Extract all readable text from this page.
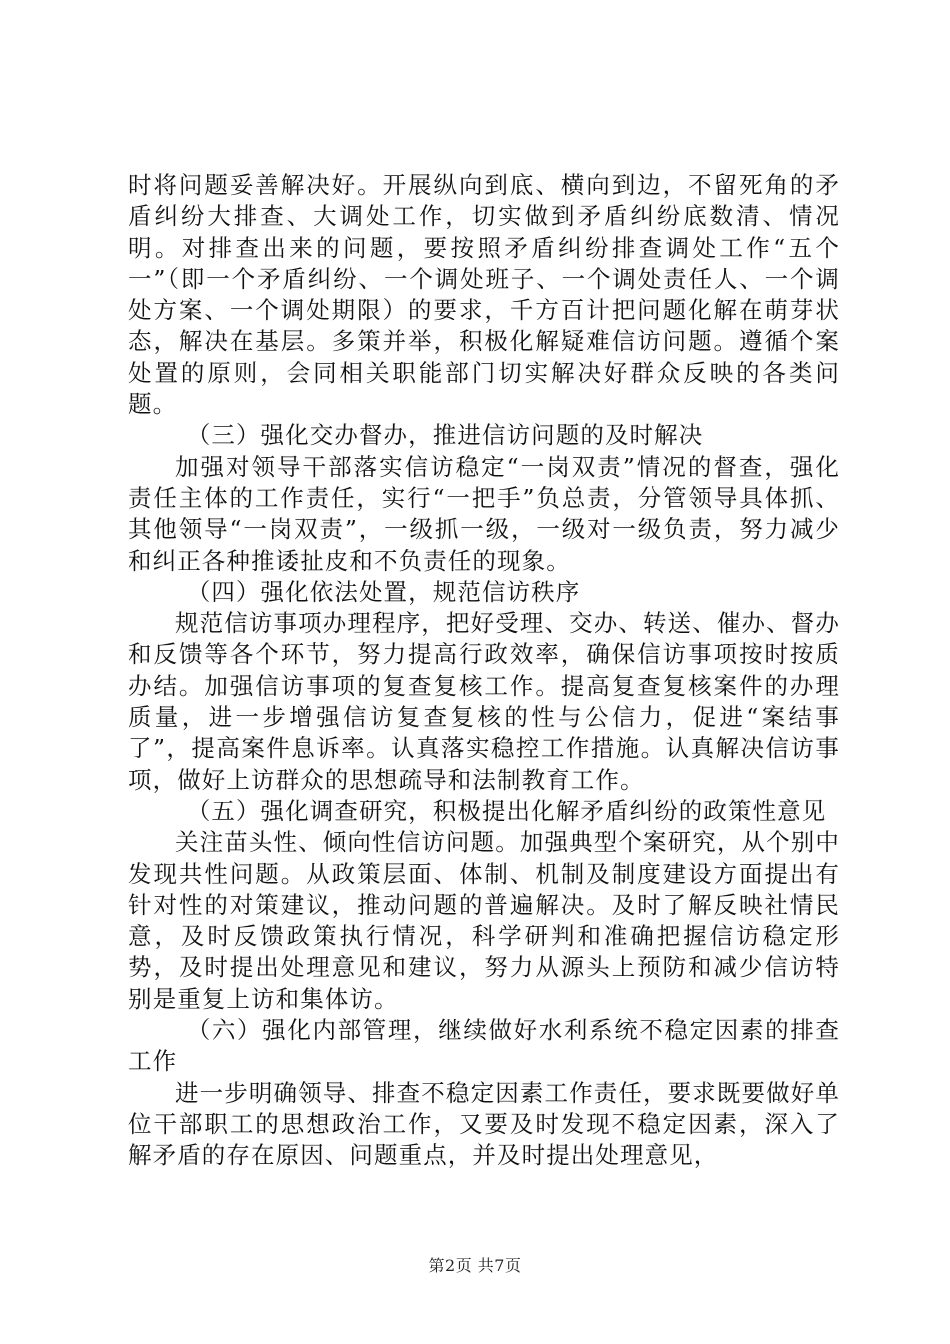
时将问题妥善解决好。开展纵向到底、横向到边，不留死角的矛盾纠纷大排查、大调处工作，切实做到矛盾纠纷底数清、情况明。对排查出来的问题，要按照矛盾纠纷排查调处工作“五个一”（即一个矛盾纠纷、一个调处班子、一个调处责任人、一个调处方案、一个调处期限）的要求，千方百计把问题化解在萌芽状态，解决在基层。多策并举，积极化解疑难信访问题。遵循个案处置的原则，会同相关职能部门切实解决好群众反映的各类问题。

（三）强化交办督办，推进信访问题的及时解决

加强对领导干部落实信访稳定“一岗双责”情况的督查，强化责任主体的工作责任，实行“一把手”负总责，分管领导具体抓、其他领导“一岗双责”，一级抓一级，一级对一级负责，努力减少和纠正各种推诿扯皮和不负责任的现象。

（四）强化依法处置，规范信访秩序

规范信访事项办理程序，把好受理、交办、转送、催办、督办和反馈等各个环节，努力提高行政效率，确保信访事项按时按质办结。加强信访事项的复查复核工作。提高复查复核案件的办理质量，进一步增强信访复查复核的性与公信力，促进“案结事了”，提高案件息诉率。认真落实稳控工作措施。认真解决信访事项，做好上访群众的思想疏导和法制教育工作。

（五）强化调查研究，积极提出化解矛盾纠纷的政策性意见

关注苗头性、倾向性信访问题。加强典型个案研究，从个别中发现共性问题。从政策层面、体制、机制及制度建设方面提出有针对性的对策建议，推动问题的普遍解决。及时了解反映社情民意，及时反馈政策执行情况，科学研判和准确把握信访稳定形势，及时提出处理意见和建议，努力从源头上预防和减少信访特别是重复上访和集体访。

（六）强化内部管理，继续做好水利系统不稳定因素的排查工作

进一步明确领导、排查不稳定因素工作责任，要求既要做好单位干部职工的思想政治工作，又要及时发现不稳定因素，深入了解矛盾的存在原因、问题重点，并及时提出处理意见，

第2页 共7页
